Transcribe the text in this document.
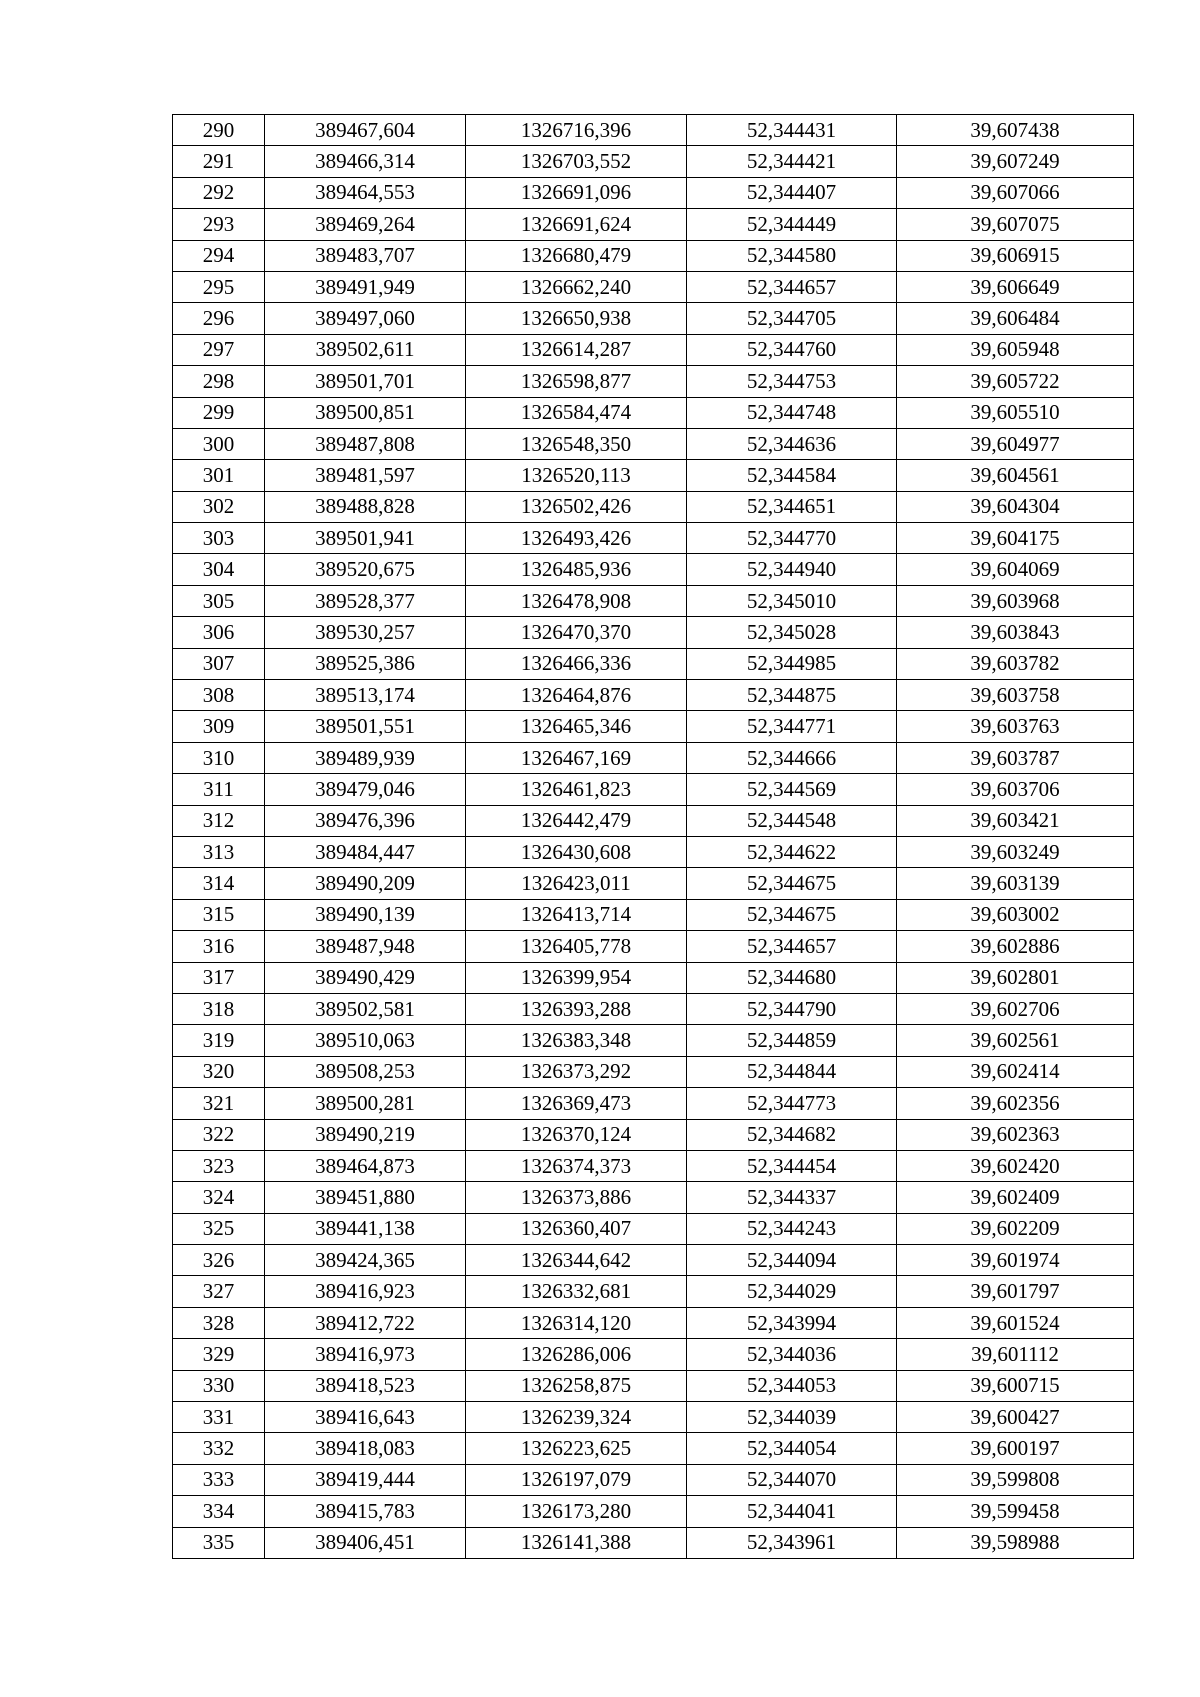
290	389467,604	1326716,396	52,344431	39,607438
291	389466,314	1326703,552	52,344421	39,607249
292	389464,553	1326691,096	52,344407	39,607066
293	389469,264	1326691,624	52,344449	39,607075
294	389483,707	1326680,479	52,344580	39,606915
295	389491,949	1326662,240	52,344657	39,606649
296	389497,060	1326650,938	52,344705	39,606484
297	389502,611	1326614,287	52,344760	39,605948
298	389501,701	1326598,877	52,344753	39,605722
299	389500,851	1326584,474	52,344748	39,605510
300	389487,808	1326548,350	52,344636	39,604977
301	389481,597	1326520,113	52,344584	39,604561
302	389488,828	1326502,426	52,344651	39,604304
303	389501,941	1326493,426	52,344770	39,604175
304	389520,675	1326485,936	52,344940	39,604069
305	389528,377	1326478,908	52,345010	39,603968
306	389530,257	1326470,370	52,345028	39,603843
307	389525,386	1326466,336	52,344985	39,603782
308	389513,174	1326464,876	52,344875	39,603758
309	389501,551	1326465,346	52,344771	39,603763
310	389489,939	1326467,169	52,344666	39,603787
311	389479,046	1326461,823	52,344569	39,603706
312	389476,396	1326442,479	52,344548	39,603421
313	389484,447	1326430,608	52,344622	39,603249
314	389490,209	1326423,011	52,344675	39,603139
315	389490,139	1326413,714	52,344675	39,603002
316	389487,948	1326405,778	52,344657	39,602886
317	389490,429	1326399,954	52,344680	39,602801
318	389502,581	1326393,288	52,344790	39,602706
319	389510,063	1326383,348	52,344859	39,602561
320	389508,253	1326373,292	52,344844	39,602414
321	389500,281	1326369,473	52,344773	39,602356
322	389490,219	1326370,124	52,344682	39,602363
323	389464,873	1326374,373	52,344454	39,602420
324	389451,880	1326373,886	52,344337	39,602409
325	389441,138	1326360,407	52,344243	39,602209
326	389424,365	1326344,642	52,344094	39,601974
327	389416,923	1326332,681	52,344029	39,601797
328	389412,722	1326314,120	52,343994	39,601524
329	389416,973	1326286,006	52,344036	39,601112
330	389418,523	1326258,875	52,344053	39,600715
331	389416,643	1326239,324	52,344039	39,600427
332	389418,083	1326223,625	52,344054	39,600197
333	389419,444	1326197,079	52,344070	39,599808
334	389415,783	1326173,280	52,344041	39,599458
335	389406,451	1326141,388	52,343961	39,598988
